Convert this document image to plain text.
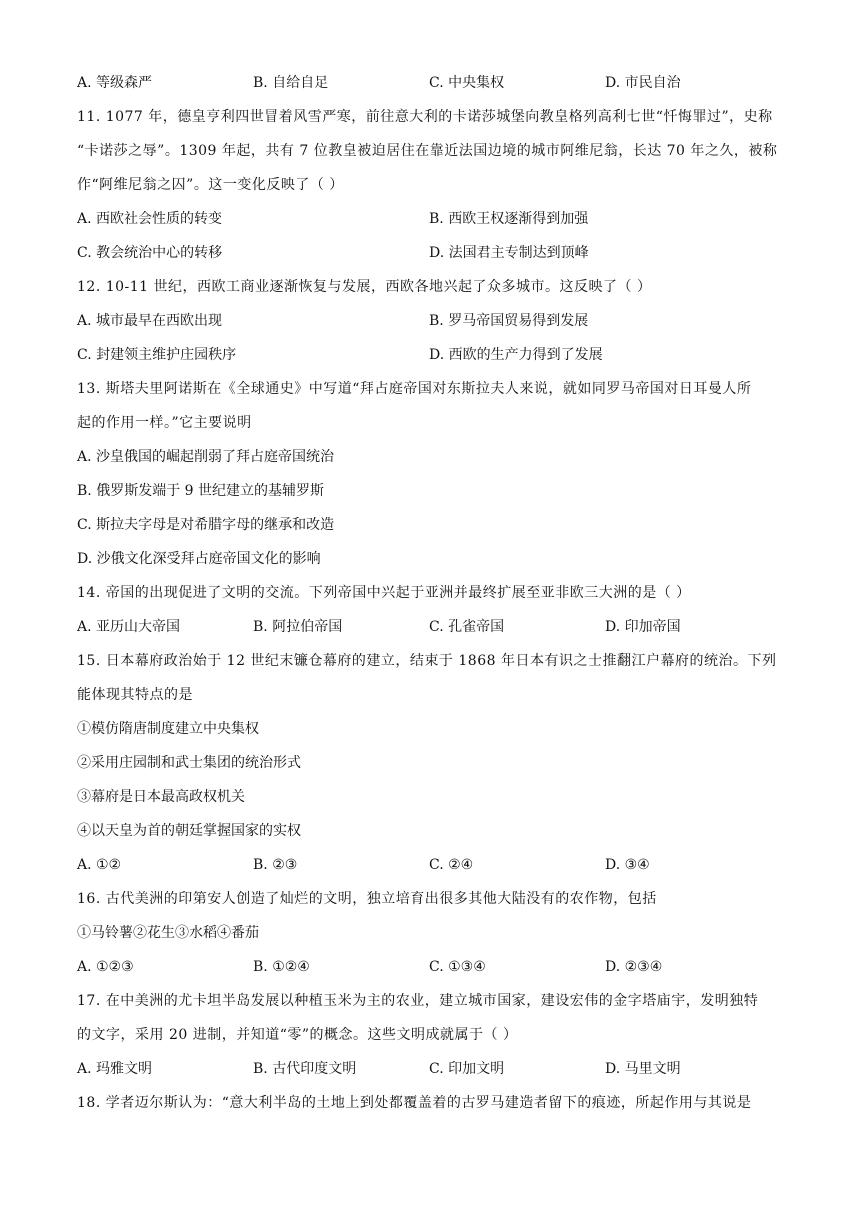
A. 等级森严	B. 自给自足	C. 中央集权	D. 市民自治
11. 1077 年，德皇亨利四世冒着风雪严寒，前往意大利的卡诺莎城堡向教皇格列高利七世“忏悔罪过”，史称
“卡诺莎之辱”。1309 年起，共有 7 位教皇被迫居住在靠近法国边境的城市阿维尼翁，长达 70 年之久，被称
作“阿维尼翁之囚”。这一变化反映了（ ）
A. 西欧社会性质的转变	B. 西欧王权逐渐得到加强
C. 教会统治中心的转移	D. 法国君主专制达到顶峰
12. 10-11 世纪，西欧工商业逐渐恢复与发展，西欧各地兴起了众多城市。这反映了（ ）
A. 城市最早在西欧出现	B. 罗马帝国贸易得到发展
C. 封建领主维护庄园秩序	D. 西欧的生产力得到了发展
13. 斯塔夫里阿诺斯在《全球通史》中写道“拜占庭帝国对东斯拉夫人来说，就如同罗马帝国对日耳曼人所
起的作用一样。”它主要说明
A. 沙皇俄国的崛起削弱了拜占庭帝国统治
B. 俄罗斯发端于 9 世纪建立的基辅罗斯
C. 斯拉夫字母是对希腊字母的继承和改造
D. 沙俄文化深受拜占庭帝国文化的影响
14. 帝国的出现促进了文明的交流。下列帝国中兴起于亚洲并最终扩展至亚非欧三大洲的是（ ）
A. 亚历山大帝国	B. 阿拉伯帝国	C. 孔雀帝国	D. 印加帝国
15. 日本幕府政治始于 12 世纪末镰仓幕府的建立，结束于 1868 年日本有识之士推翻江户幕府的统治。下列
能体现其特点的是
①模仿隋唐制度建立中央集权
②采用庄园制和武士集团的统治形式
③幕府是日本最高政权机关
④以天皇为首的朝廷掌握国家的实权
A. ①②	B. ②③	C. ②④	D. ③④
16. 古代美洲的印第安人创造了灿烂的文明，独立培育出很多其他大陆没有的农作物，包括
①马铃薯②花生③水稻④番茄
A. ①②③	B. ①②④	C. ①③④	D. ②③④
17. 在中美洲的尤卡坦半岛发展以种植玉米为主的农业，建立城市国家，建设宏伟的金字塔庙宇，发明独特
的文字，采用 20 进制，并知道“零”的概念。这些文明成就属于（ ）
A. 玛雅文明	B. 古代印度文明	C. 印加文明	D. 马里文明
18. 学者迈尔斯认为：“意大利半岛的土地上到处都覆盖着的古罗马建造者留下的痕迹，所起作用与其说是
